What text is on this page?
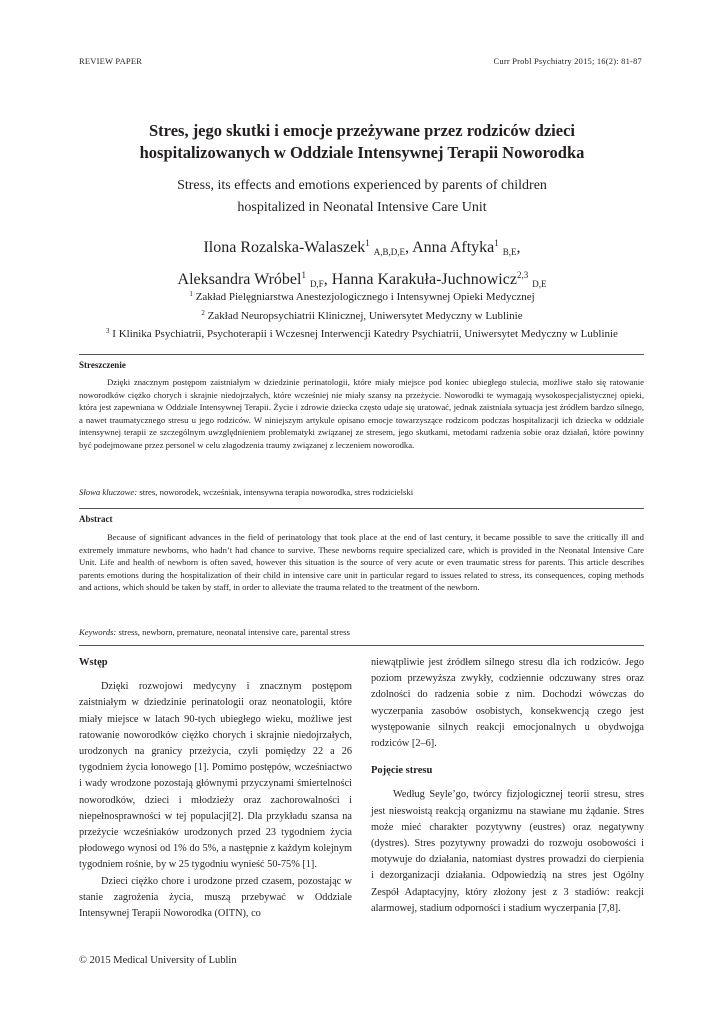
REVIEW PAPER	Curr Probl Psychiatry 2015; 16(2): 81-87
Stres, jego skutki i emocje przeżywane przez rodziców dzieci
hospitalizowanych w Oddziale Intensywnej Terapii Noworodka
Stress, its effects and emotions experienced by parents of children
hospitalized in Neonatal Intensive Care Unit
Ilona Rozalska-Walaszek$^1$ $_{A,B,D,E}$, Anna Aftyka$^1$ $_{B,E}$,
Aleksandra Wróbel$^1$ $_{D,F}$, Hanna Karakuła-Juchnowicz$^{2,3}$ $_{D,E}$
$^1$ Zakład Pielęgniarstwa Anestezjologicznego i Intensywnej Opieki Medycznej
$^2$ Zakład Neuropsychiatrii Klinicznej, Uniwersytet Medyczny w Lublinie
$^3$ I Klinika Psychiatrii, Psychoterapii i Wczesnej Interwencji Katedry Psychiatrii, Uniwersytet Medyczny w Lublinie
Streszczenie

Dzięki znacznym postępom zaistniałym w dziedzinie perinatologii, które miały miejsce pod koniec ubiegłego stulecia, możliwe stało się ratowanie noworodków ciężko chorych i skrajnie niedojrzałych, które wcześniej nie miały szansy na przeżycie. Noworodki te wymagają wysokospecjalistycznej opieki, która jest zapewniana w Oddziale Intensywnej Terapii. Życie i zdrowie dziecka często udaje się uratować, jednak zaistniała sytuacja jest źródłem bardzo silnego, a nawet traumatycznego stresu u jego rodziców. W niniejszym artykule opisano emocje towarzyszące rodzicom podczas hospitalizacji ich dziecka w oddziale intensywnej terapii ze szczególnym uwzględnieniem problematyki związanej ze stresem, jego skutkami, metodami radzenia sobie oraz działań, które powinny być podejmowane przez personel w celu złagodzenia traumy związanej z leczeniem noworodka.

Słowa kluczowe: stres, noworodek, wcześniak, intensywna terapia noworodka, stres rodzicielski
Abstract

Because of significant advances in the field of perinatology that took place at the end of last century, it became possible to save the critically ill and extremely immature newborns, who hadn’t had chance to survive. These newborns require specialized care, which is provided in the Neonatal Intensive Care Unit. Life and health of newborn is often saved, however this situation is the source of very acute or even traumatic stress for parents. This article describes parents emotions during the hospitalization of their child in intensive care unit in particular regard to issues related to stress, its consequences, coping methods and actions, which should be taken by staff, in order to alleviate the trauma related to the treatment of the newborn.

Keywords: stress, newborn, premature, neonatal intensive care, parental stress
Wstęp

Dzięki rozwojowi medycyny i znacznym postępom zaistniałym w dziedzinie perinatologii oraz neonatologii, które miały miejsce w latach 90-tych ubiegłego wieku, możliwe jest ratowanie noworodków ciężko chorych i skrajnie niedojrzałych, urodzonych na granicy przeżycia, czyli pomiędzy 22 a 26 tygodniem życia łonowego [1]. Pomimo postępów, wcześniactwo i wady wrodzone pozostają głównymi przyczynami śmiertelności noworodków, dzieci i młodzieży oraz zachorowalności i niepełnosprawności w tej populacji[2]. Dla przykładu szansa na przeżycie wcześniaków urodzonych przed 23 tygodniem życia płodowego wynosi od 1% do 5%, a następnie z każdym kolejnym tygodniem rośnie, by w 25 tygodniu wynieść 50-75% [1].

Dzieci ciężko chore i urodzone przed czasem, pozostając w stanie zagrożenia życia, muszą przebywać w Oddziale Intensywnej Terapii Noworodka (OITN), co

niewątpliwie jest źródłem silnego stresu dla ich rodziców. Jego poziom przewyższa zwykły, codziennie odczuwany stres oraz zdolności do radzenia sobie z nim. Dochodzi wówczas do wyczerpania zasobów osobistych, konsekwencją czego jest występowanie silnych reakcji emocjonalnych u obydwojga rodziców [2–6].

Pojęcie stresu

Według Seyle’go, twórcy fizjologicznej teorii stresu, stres jest nieswoistą reakcją organizmu na stawiane mu żądanie. Stres może mieć charakter pozytywny (eustres) oraz negatywny (dystres). Stres pozytywny prowadzi do rozwoju osobowości i motywuje do działania, natomiast dystres prowadzi do cierpienia i dezorganizacji działania. Odpowiedzią na stres jest Ogólny Zespół Adaptacyjny, który złożony jest z 3 stadiów: reakcji alarmowej, stadium odporności i stadium wyczerpania [7,8].

© 2015 Medical University of Lublin
